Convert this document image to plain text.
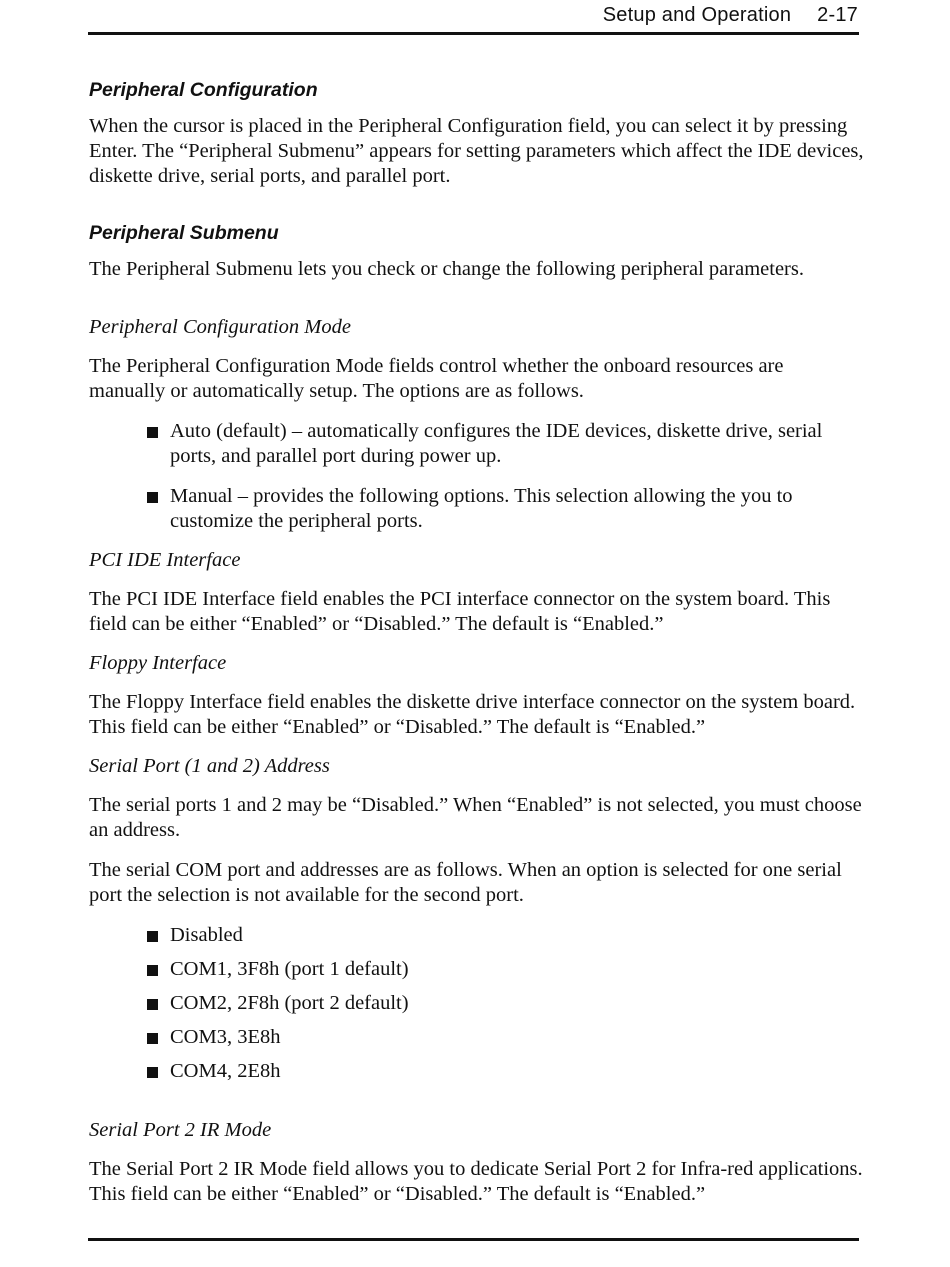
Setup and Operation 2-17
Peripheral Configuration

When the cursor is placed in the Peripheral Configuration field, you can select it by pressing Enter. The “Peripheral Submenu” appears for setting parameters which affect the IDE devices, diskette drive, serial ports, and parallel port.

Peripheral Submenu

The Peripheral Submenu lets you check or change the following peripheral parameters.

Peripheral Configuration Mode

The Peripheral Configuration Mode fields control whether the onboard resources are manually or automatically setup. The options are as follows.

Auto (default) – automatically configures the IDE devices, diskette drive, serial ports, and parallel port during power up.
Manual – provides the following options. This selection allowing the you to customize the peripheral ports.
PCI IDE Interface

The PCI IDE Interface field enables the PCI interface connector on the system board. This field can be either “Enabled” or “Disabled.” The default is “Enabled.”

Floppy Interface

The Floppy Interface field enables the diskette drive interface connector on the system board. This field can be either “Enabled” or “Disabled.” The default is “Enabled.”

Serial Port (1 and 2) Address

The serial ports 1 and 2 may be “Disabled.” When “Enabled” is not selected, you must choose an address.

The serial COM port and addresses are as follows. When an option is selected for one serial port the selection is not available for the second port.

Disabled
COM1, 3F8h (port 1 default)
COM2, 2F8h (port 2 default)
COM3, 3E8h
COM4, 2E8h
Serial Port 2 IR Mode

The Serial Port 2 IR Mode field allows you to dedicate Serial Port 2 for Infra-red applications. This field can be either “Enabled” or “Disabled.” The default is “Enabled.”
